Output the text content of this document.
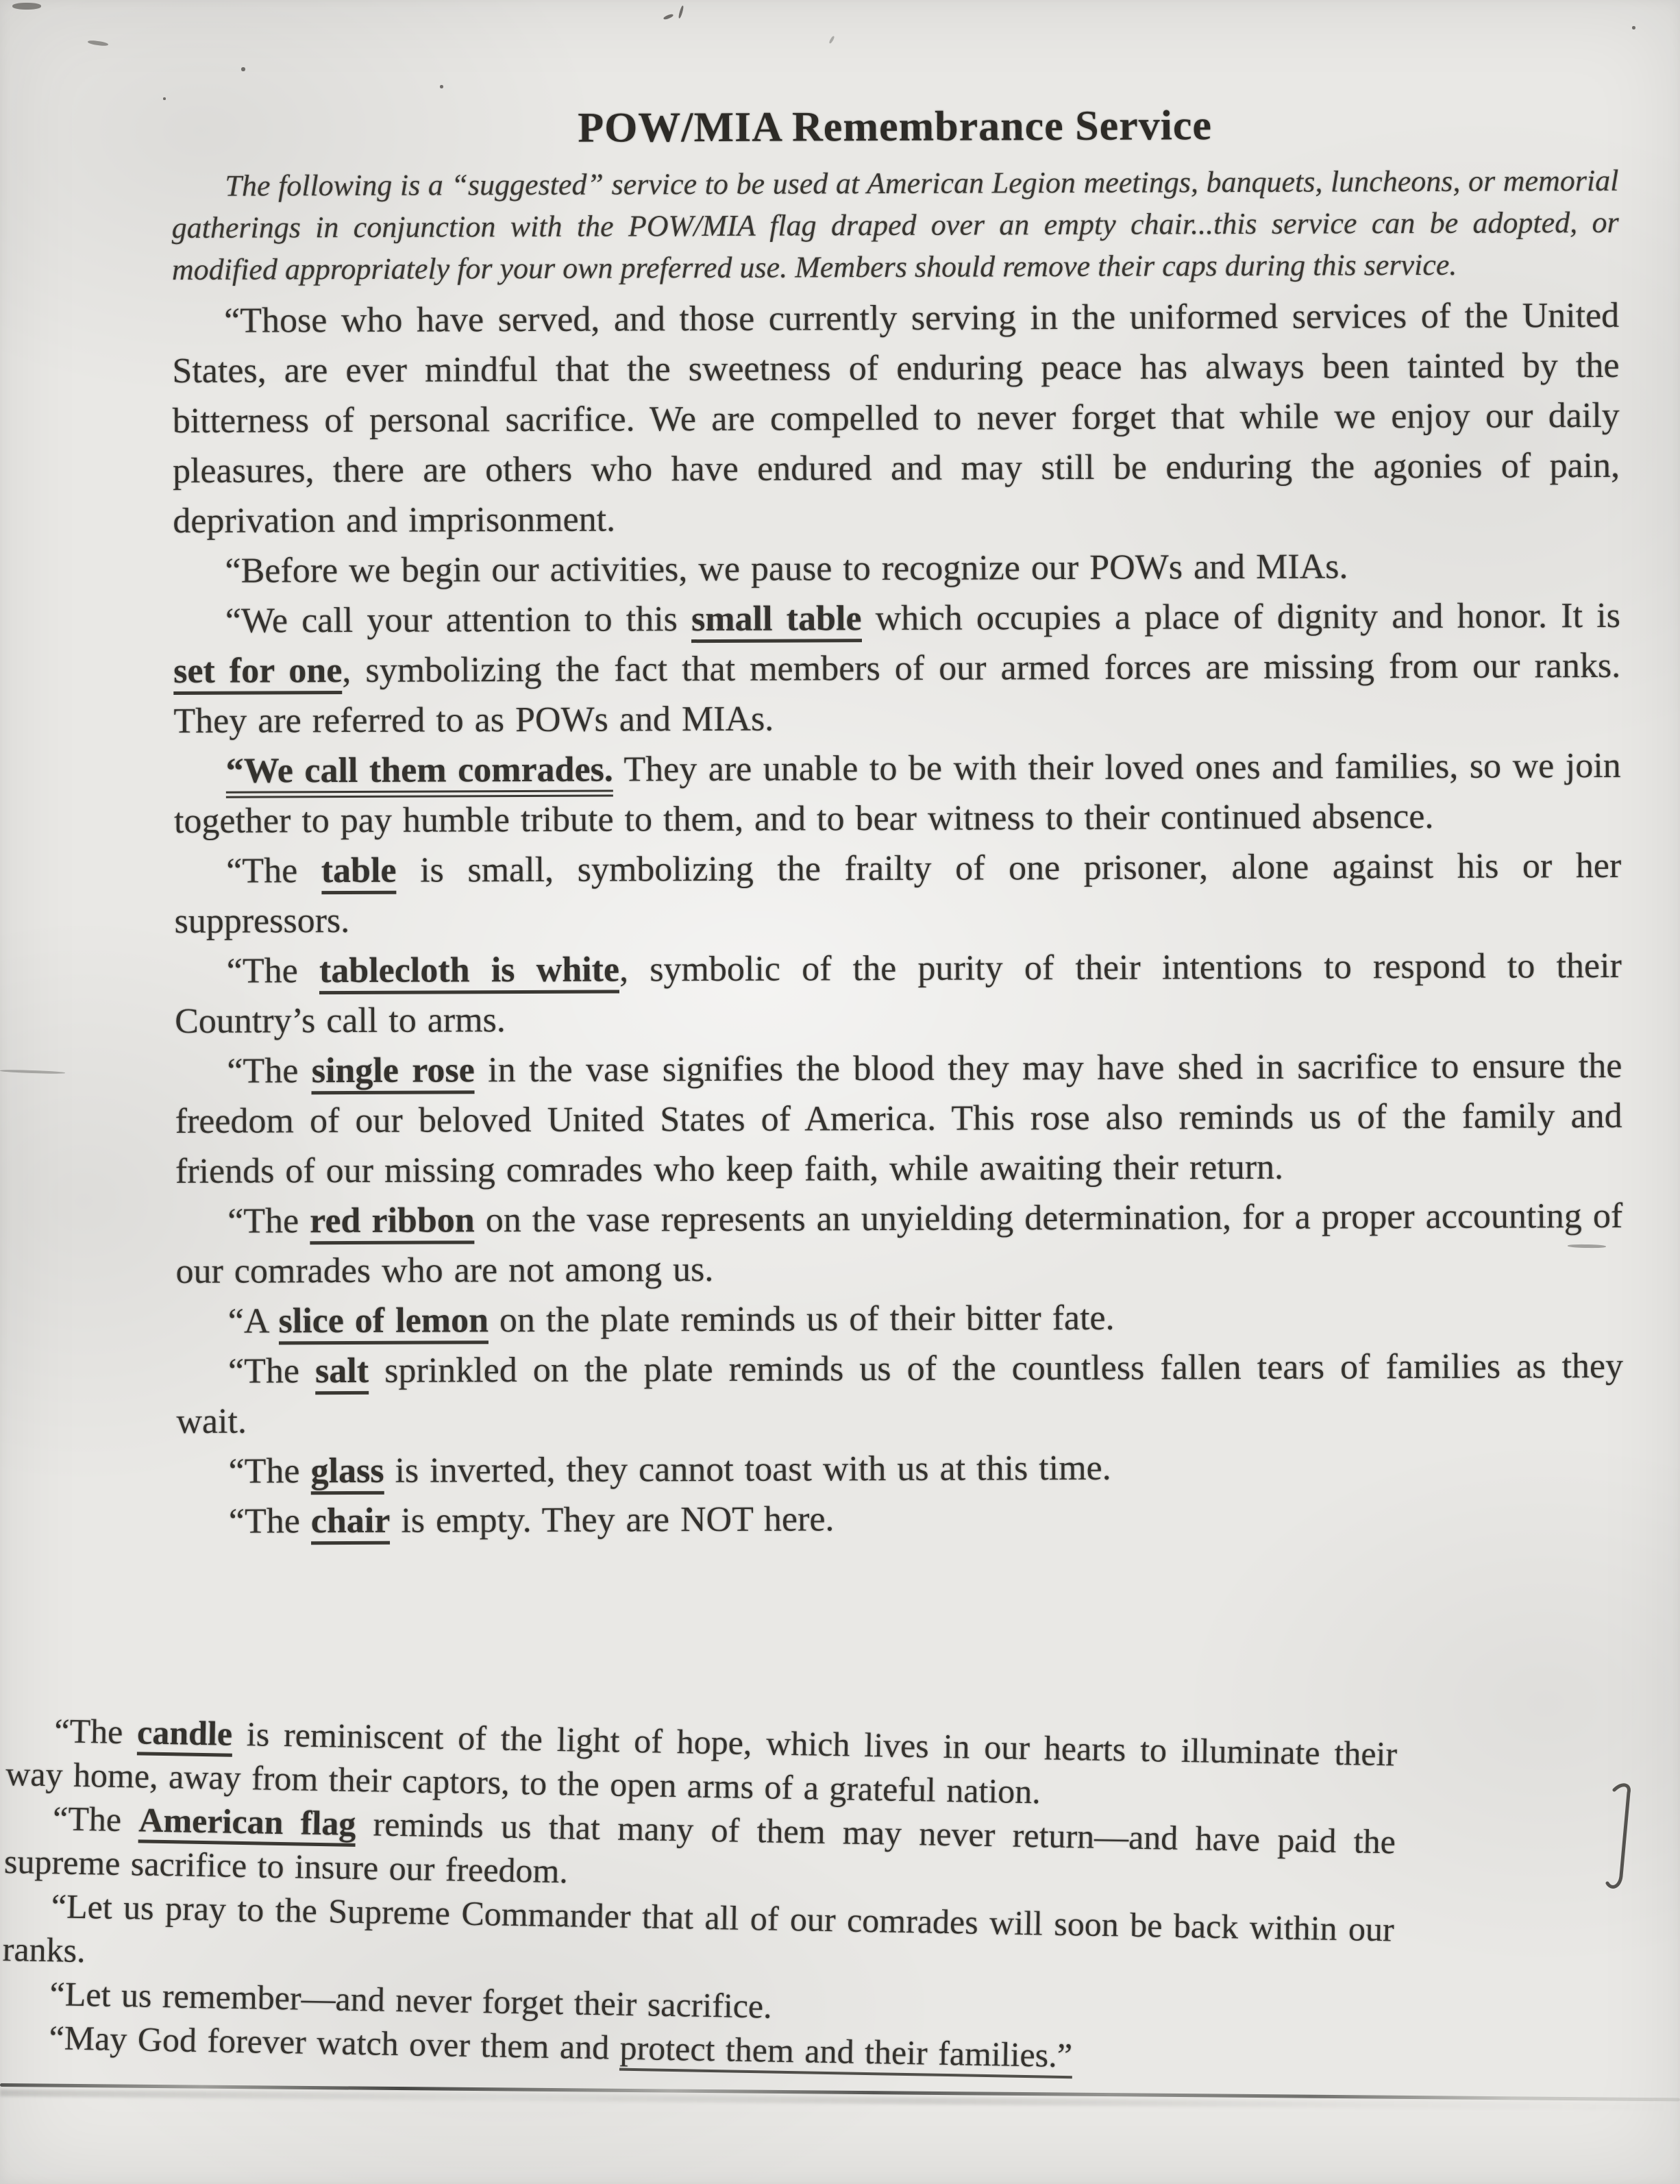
POW/MIA Remembrance Service
The following is a “suggested” service to be used at American Legion meetings, banquets, luncheons, or memorial gatherings in conjunction with the POW/MIA flag draped over an empty chair...this service can be adopted, or modified appropriately for your own preferred use. Members should remove their caps during this service.
“Those who have served, and those currently serving in the uniformed services of the United States, are ever mindful that the sweetness of enduring peace has always been tainted by the bitterness of personal sacrifice. We are compelled to never forget that while we enjoy our daily pleasures, there are others who have endured and may still be enduring the agonies of pain, deprivation and imprisonment.
“Before we begin our activities, we pause to recognize our POWs and MIAs.
“We call your attention to this small table which occupies a place of dignity and honor. It is set for one, symbolizing the fact that members of our armed forces are missing from our ranks. They are referred to as POWs and MIAs.
“We call them comrades. They are unable to be with their loved ones and families, so we join together to pay humble tribute to them, and to bear witness to their continued absence.
“The table is small, symbolizing the frailty of one prisoner, alone against his or her suppressors.
“The tablecloth is white, symbolic of the purity of their intentions to respond to their Country’s call to arms.
“The single rose in the vase signifies the blood they may have shed in sacrifice to ensure the freedom of our beloved United States of America. This rose also reminds us of the family and friends of our missing comrades who keep faith, while awaiting their return.
“The red ribbon on the vase represents an unyielding determination, for a proper accounting of our comrades who are not among us.
“A slice of lemon on the plate reminds us of their bitter fate.
“The salt sprinkled on the plate reminds us of the countless fallen tears of families as they wait.
“The glass is inverted, they cannot toast with us at this time.
“The chair is empty. They are NOT here.
“The candle is reminiscent of the light of hope, which lives in our hearts to illuminate their way home, away from their captors, to the open arms of a grateful nation.
“The American flag reminds us that many of them may never return—and have paid the supreme sacrifice to insure our freedom.
“Let us pray to the Supreme Commander that all of our comrades will soon be back within our ranks.
“Let us remember—and never forget their sacrifice.
“May God forever watch over them and protect them and their families.”
